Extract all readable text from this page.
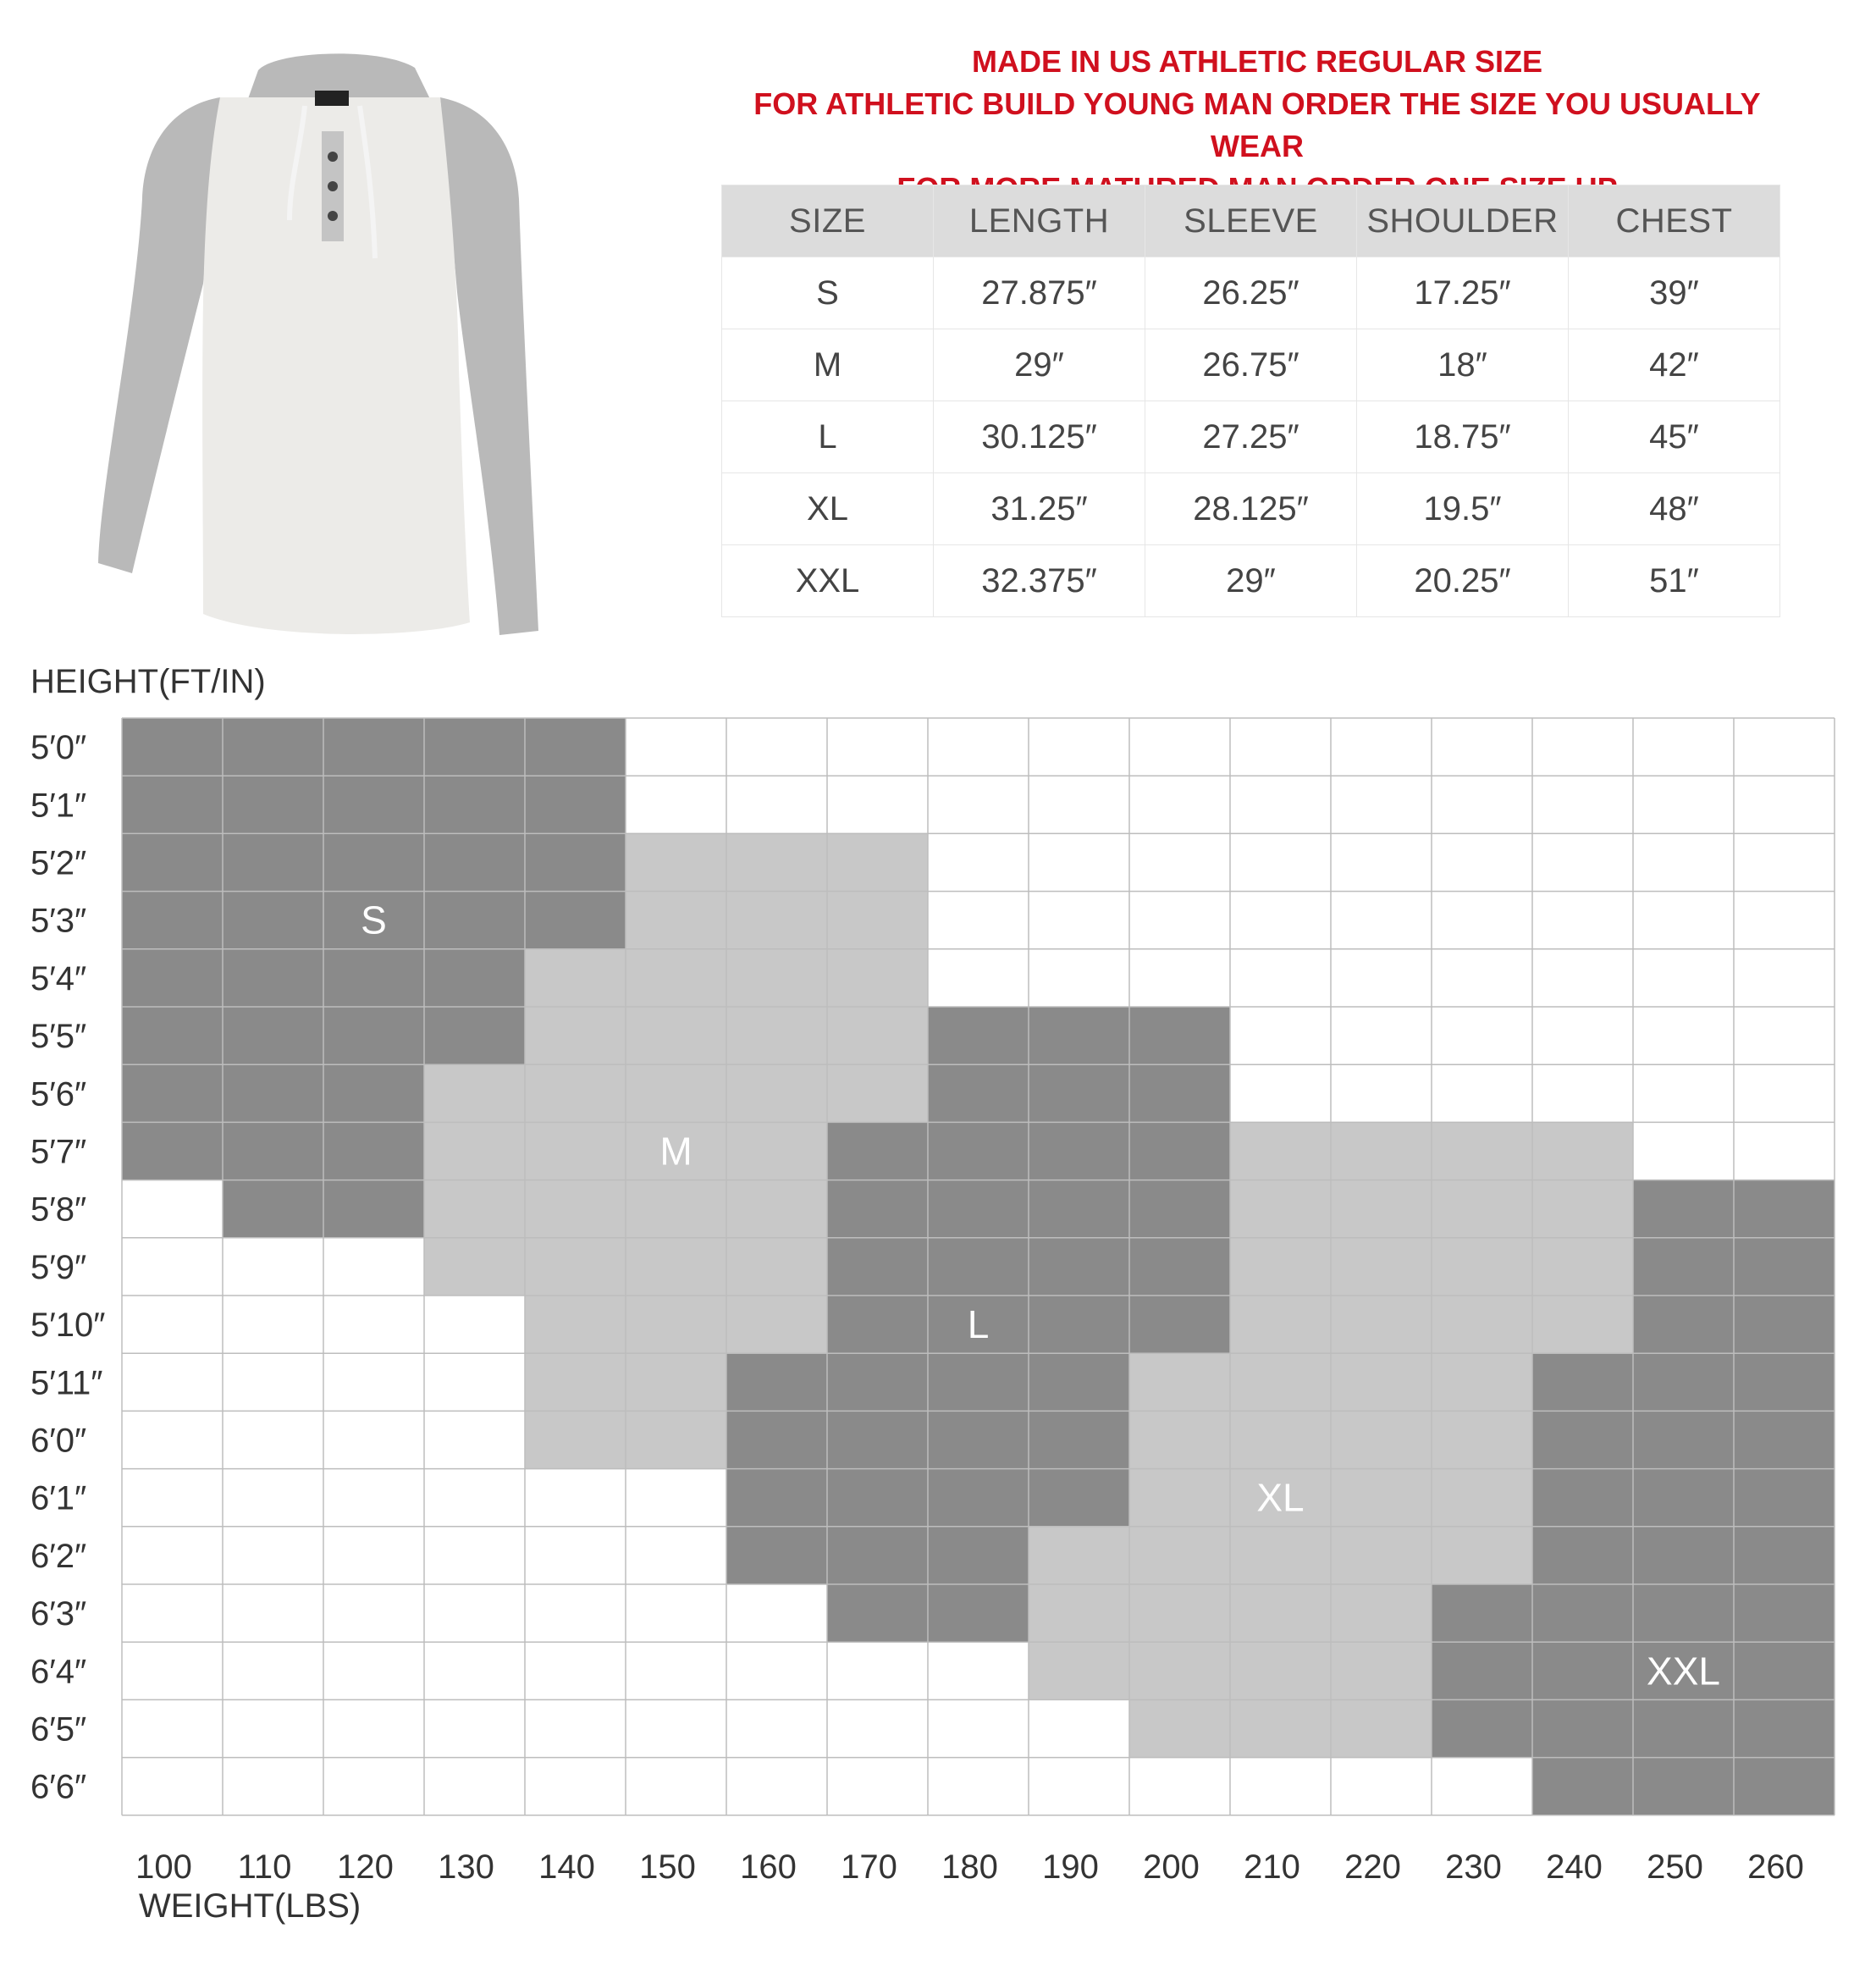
MADE IN US ATHLETIC REGULAR SIZE
FOR ATHLETIC BUILD YOUNG MAN ORDER THE SIZE YOU USUALLY WEAR
SIZE	LENGTH	SLEEVE	SHOULDER	CHEST
S	27.875″	26.25″	17.25″	39″
M	29″	26.75″	18″	42″
L	30.125″	27.25″	18.75″	45″
XL	31.25″	28.125″	19.5″	48″
XXL	32.375″	29″	20.25″	51″
S
M
L
XL
XXL
5′0″
5′1″
5′2″
5′3″
5′4″
5′5″
5′6″
5′7″
5′8″
5′9″
5′10″
5′11″
6′0″
6′1″
6′2″
6′3″
6′4″
6′5″
6′6″
100 110 120 130 140 150 160 170 180 190 200 210 220 230 240 250 260
HEIGHT(FT/IN)
WEIGHT(LBS)
